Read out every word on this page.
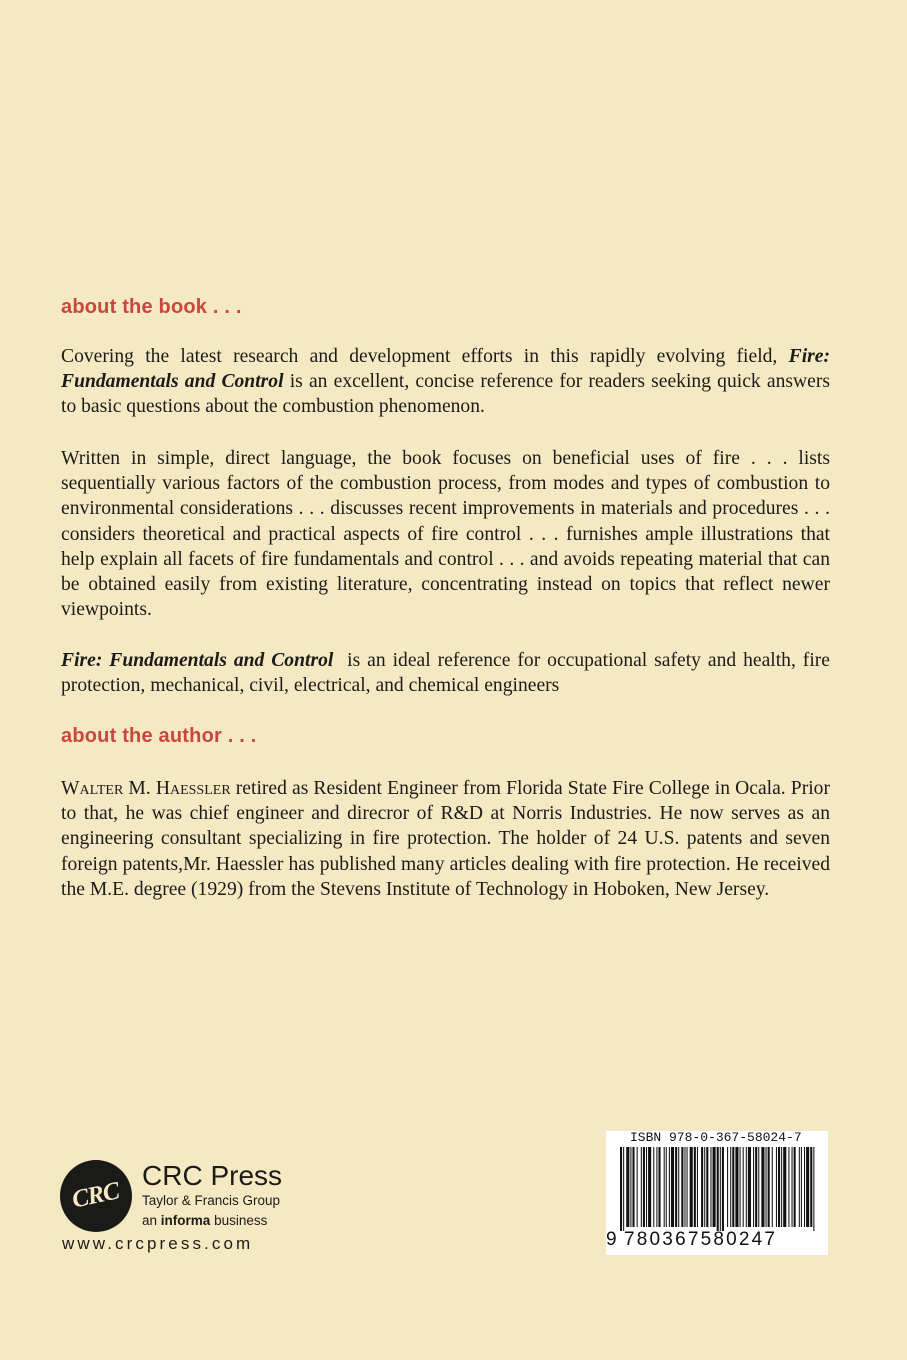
about the book . . .

Covering the latest research and development efforts in this rapidly evolving field, Fire: Fundamentals and Control is an excellent, concise reference for readers seeking quick answers to basic questions about the combustion phenomenon.

Written in simple, direct language, the book focuses on beneficial uses of fire . . . lists sequentially various factors of the combustion process, from modes and types of combustion to environmental considerations . . . discusses recent improvements in materials and procedures . . . considers theoretical and practical aspects of fire control . . . furnishes ample illustrations that help explain all facets of fire fundamentals and control . . . and avoids repeating material that can be obtained easily from existing literature, concentrating instead on topics that reflect newer viewpoints.

Fire: Fundamentals and Control is an ideal reference for occupational safety and health, fire protection, mechanical, civil, electrical, and chemical engineers

about the author . . .

Walter M. Haessler retired as Resident Engineer from Florida State Fire College in Ocala. Prior to that, he was chief engineer and direcror of R&D at Norris Industries. He now serves as an engineering consultant specializing in fire protection. The holder of 24 U.S. patents and seven foreign patents,Mr. Haessler has published many articles dealing with fire protection. He received the M.E. degree (1929) from the Stevens Institute of Technology in Hoboken, New Jersey.

CRC

CRC Press

Taylor & Francis Group

an informa business

www.crcpress.com

ISBN 978-0-367-58024-7
9 780367580247
